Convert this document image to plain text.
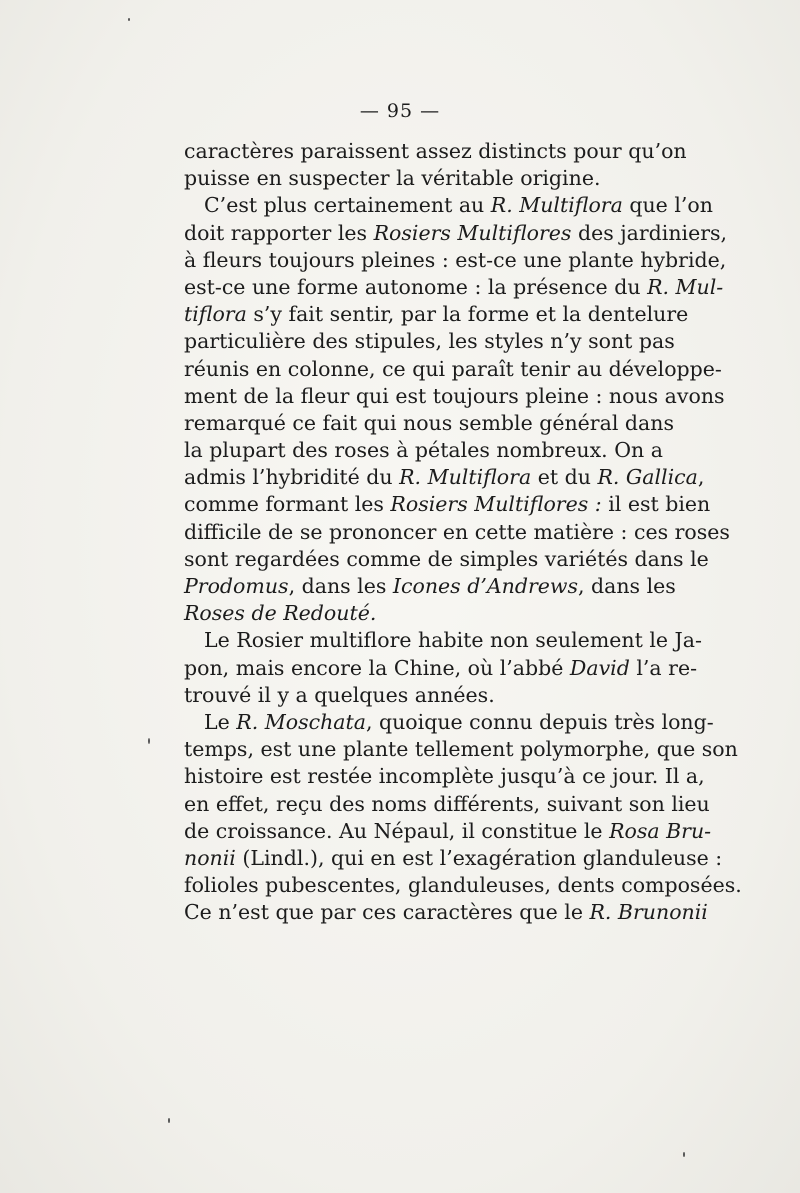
— 95 —
caractères paraissent assez distincts pour qu’on
puisse en suspecter la véritable origine.
C’est plus certainement au R. Multiflora que l’on
doit rapporter les Rosiers Multiflores des jardiniers,
à fleurs toujours pleines : est-ce une plante hybride,
est-ce une forme autonome : la présence du R. Mul-
tiflora s’y fait sentir, par la forme et la dentelure
particulière des stipules, les styles n’y sont pas
réunis en colonne, ce qui paraît tenir au développe-
ment de la fleur qui est toujours pleine : nous avons
remarqué ce fait qui nous semble général dans
la plupart des roses à pétales nombreux. On a
admis l’hybridité du R. Multiflora et du R. Gallica,
comme formant les Rosiers Multiflores : il est bien
difficile de se prononcer en cette matière : ces roses
sont regardées comme de simples variétés dans le
Prodomus, dans les Icones d’Andrews, dans les
Roses de Redouté.
Le Rosier multiflore habite non seulement le Ja-
pon, mais encore la Chine, où l’abbé David l’a re-
trouvé il y a quelques années.
Le R. Moschata, quoique connu depuis très long-
temps, est une plante tellement polymorphe, que son
histoire est restée incomplète jusqu’à ce jour. Il a,
en effet, reçu des noms différents, suivant son lieu
de croissance. Au Népaul, il constitue le Rosa Bru-
nonii (Lindl.), qui en est l’exagération glanduleuse :
folioles pubescentes, glanduleuses, dents composées.
Ce n’est que par ces caractères que le R. Brunonii
